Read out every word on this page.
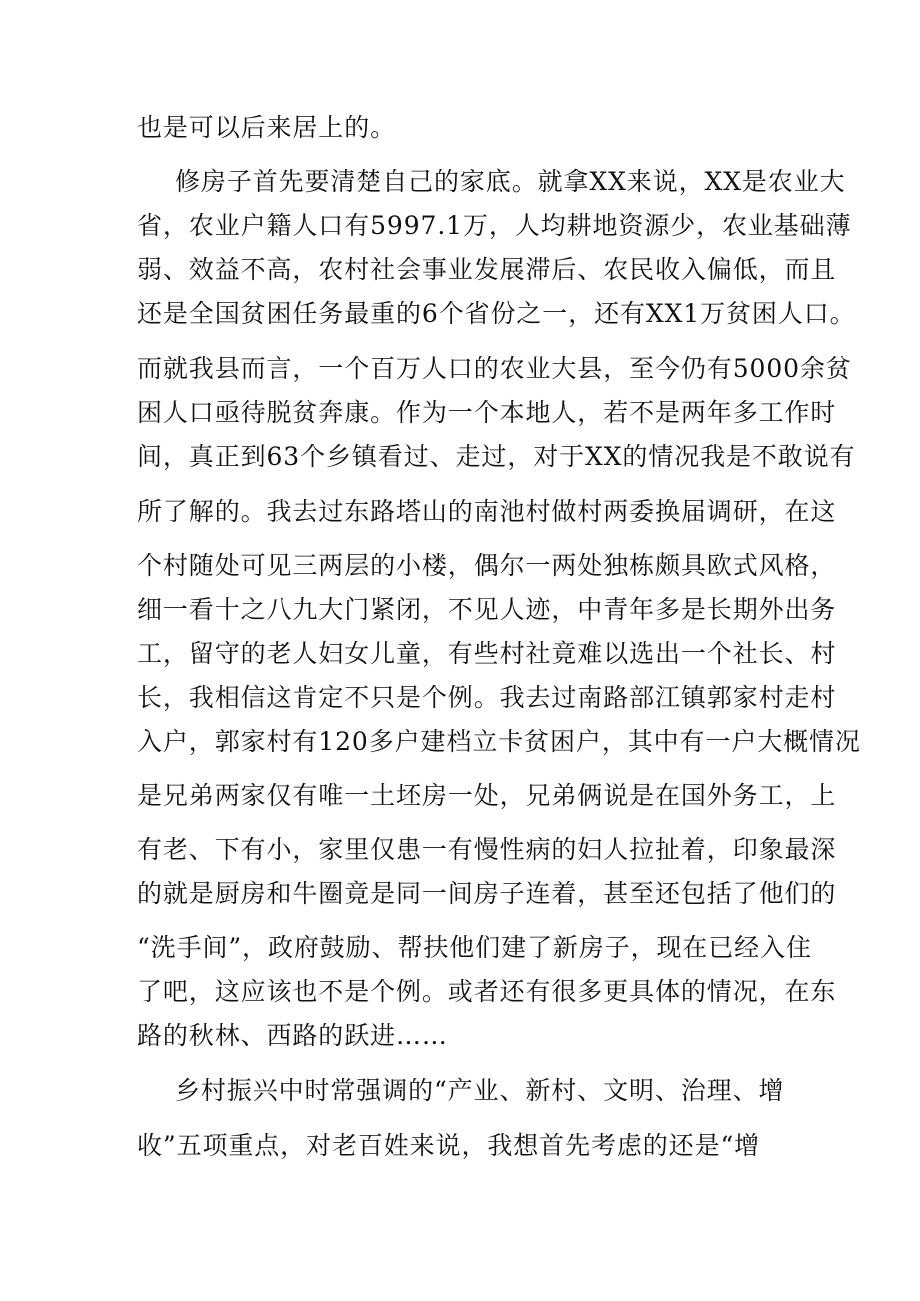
也是可以后来居上的。
修房子首先要清楚自己的家底。就拿XX来说，XX是农业大
省，农业户籍人口有5997.1万，人均耕地资源少，农业基础薄
弱、效益不高，农村社会事业发展滞后、农民收入偏低，而且
还是全国贫困任务最重的6个省份之一，还有XX1万贫困人口。
而就我县而言，一个百万人口的农业大县，至今仍有5000余贫
困人口亟待脱贫奔康。作为一个本地人，若不是两年多工作时
间，真正到63个乡镇看过、走过，对于XX的情况我是不敢说有
所了解的。我去过东路塔山的南池村做村两委换届调研，在这
个村随处可见三两层的小楼，偶尔一两处独栋颇具欧式风格，
细一看十之八九大门紧闭，不见人迹，中青年多是长期外出务
工，留守的老人妇女儿童，有些村社竟难以选出一个社长、村
长，我相信这肯定不只是个例。我去过南路部江镇郭家村走村
入户，郭家村有120多户建档立卡贫困户，其中有一户大概情况
是兄弟两家仅有唯一土坯房一处，兄弟俩说是在国外务工，上
有老、下有小，家里仅患一有慢性病的妇人拉扯着，印象最深
的就是厨房和牛圈竟是同一间房子连着，甚至还包括了他们的
“洗手间”，政府鼓励、帮扶他们建了新房子，现在已经入住
了吧，这应该也不是个例。或者还有很多更具体的情况，在东
路的秋林、西路的跃进……
乡村振兴中时常强调的“产业、新村、文明、治理、增
收”五项重点，对老百姓来说，我想首先考虑的还是“增
